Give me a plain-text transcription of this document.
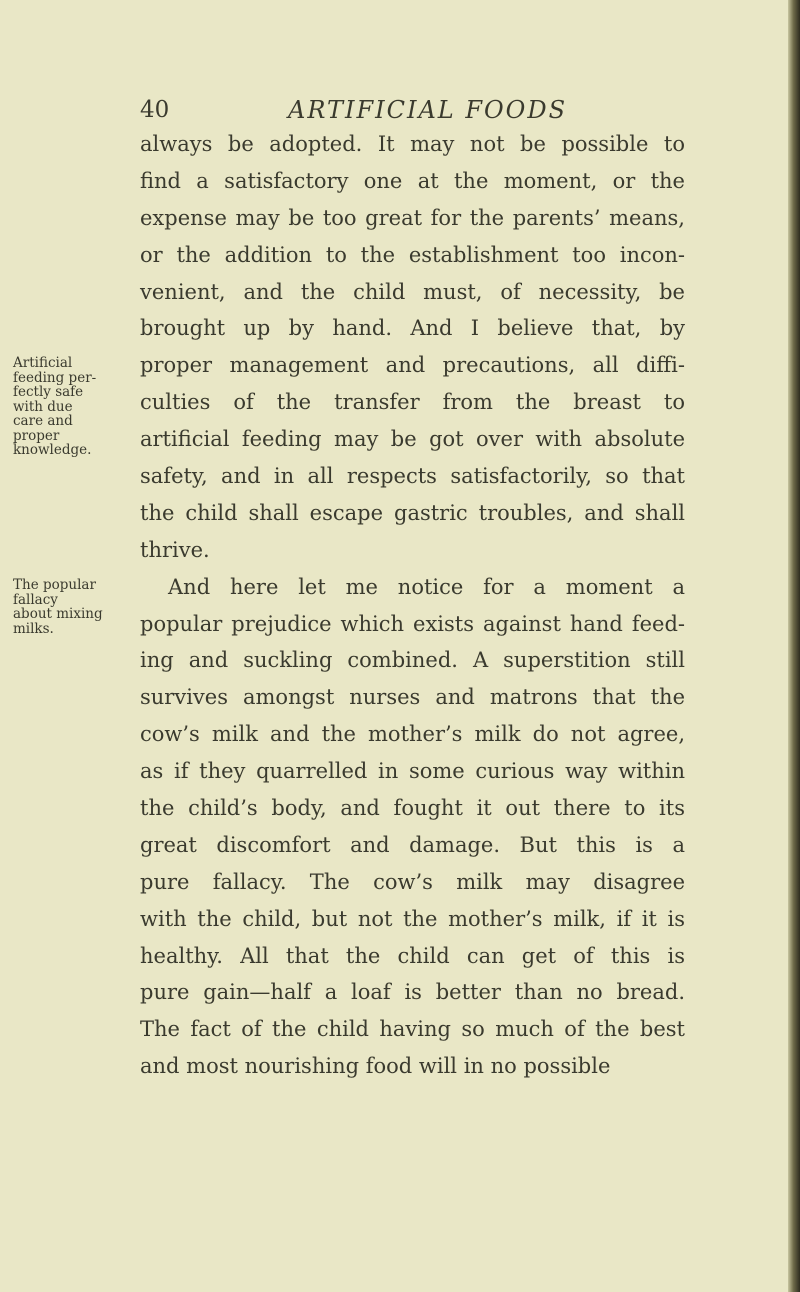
40	ARTIFICIAL FOODS
always be adopted. It may not be possible to
find a satisfactory one at the moment, or the
expense may be too great for the parents’ means,
or the addition to the establishment too incon-
venient, and the child must, of necessity, be
brought up by hand. And I believe that, by
proper management and precautions, all diffi-
culties of the transfer from the breast to
artificial feeding may be got over with absolute
safety, and in all respects satisfactorily, so that
the child shall escape gastric troubles, and shall
thrive.
And here let me notice for a moment a
popular prejudice which exists against hand feed-
ing and suckling combined. A superstition still
survives amongst nurses and matrons that the
cow’s milk and the mother’s milk do not agree,
as if they quarrelled in some curious way within
the child’s body, and fought it out there to its
great discomfort and damage. But this is a
pure fallacy. The cow’s milk may disagree
with the child, but not the mother’s milk, if it is
healthy. All that the child can get of this is
pure gain—half a loaf is better than no bread.
The fact of the child having so much of the best
and most nourishing food will in no possible
Artificial
feeding per-
fectly safe
with due
care and
proper
knowledge.
The popular
fallacy
about mixing
milks.
